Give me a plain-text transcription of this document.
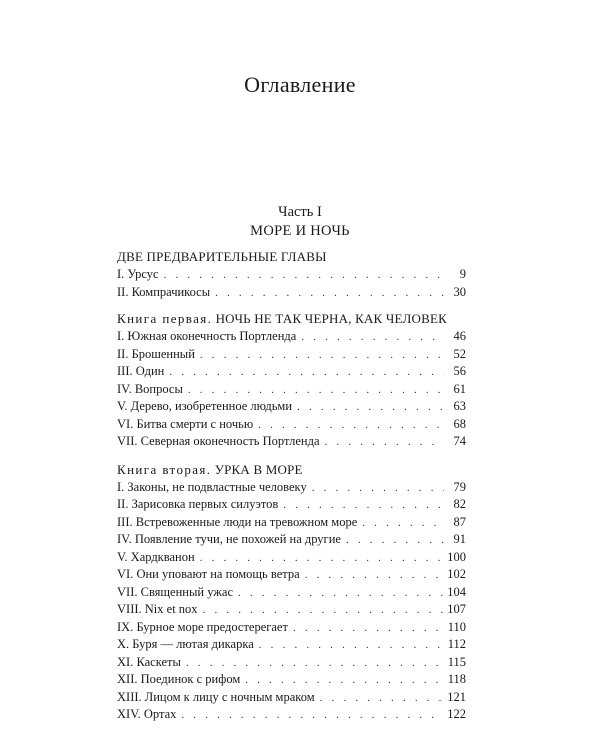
Оглавление
Часть I
МОРЕ И НОЧЬ
ДВЕ ПРЕДВАРИТЕЛЬНЫЕ ГЛАВЫ
I. Урсус . . .	9
II. Компрачикосы . . .	30
Книга первая. НОЧЬ НЕ ТАК ЧЕРНА, КАК ЧЕЛОВЕК
I. Южная оконечность Портленда . . .	46
II. Брошенный . . .	52
III. Один . . .	56
IV. Вопросы . . .	61
V. Дерево, изобретенное людьми . . .	63
VI. Битва смерти с ночью . . .	68
VII. Северная оконечность Портленда . . .	74
Книга вторая. УРКА В МОРЕ
I. Законы, не подвластные человеку . . .	79
II. Зарисовка первых силуэтов . . .	82
III. Встревоженные люди на тревожном море . . .	87
IV. Появление тучи, не похожей на другие . . .	91
V. Хардкванон . . .	100
VI. Они уповают на помощь ветра . . .	102
VII. Священный ужас . . .	104
VIII. Nix et nox . . .	107
IX. Бурное море предостерегает . . .	110
X. Буря — лютая дикарка . . .	112
XI. Каскеты . . .	115
XII. Поединок с рифом . . .	118
XIII. Лицом к лицу с ночным мраком . . .	121
XIV. Ортах . . .	122
